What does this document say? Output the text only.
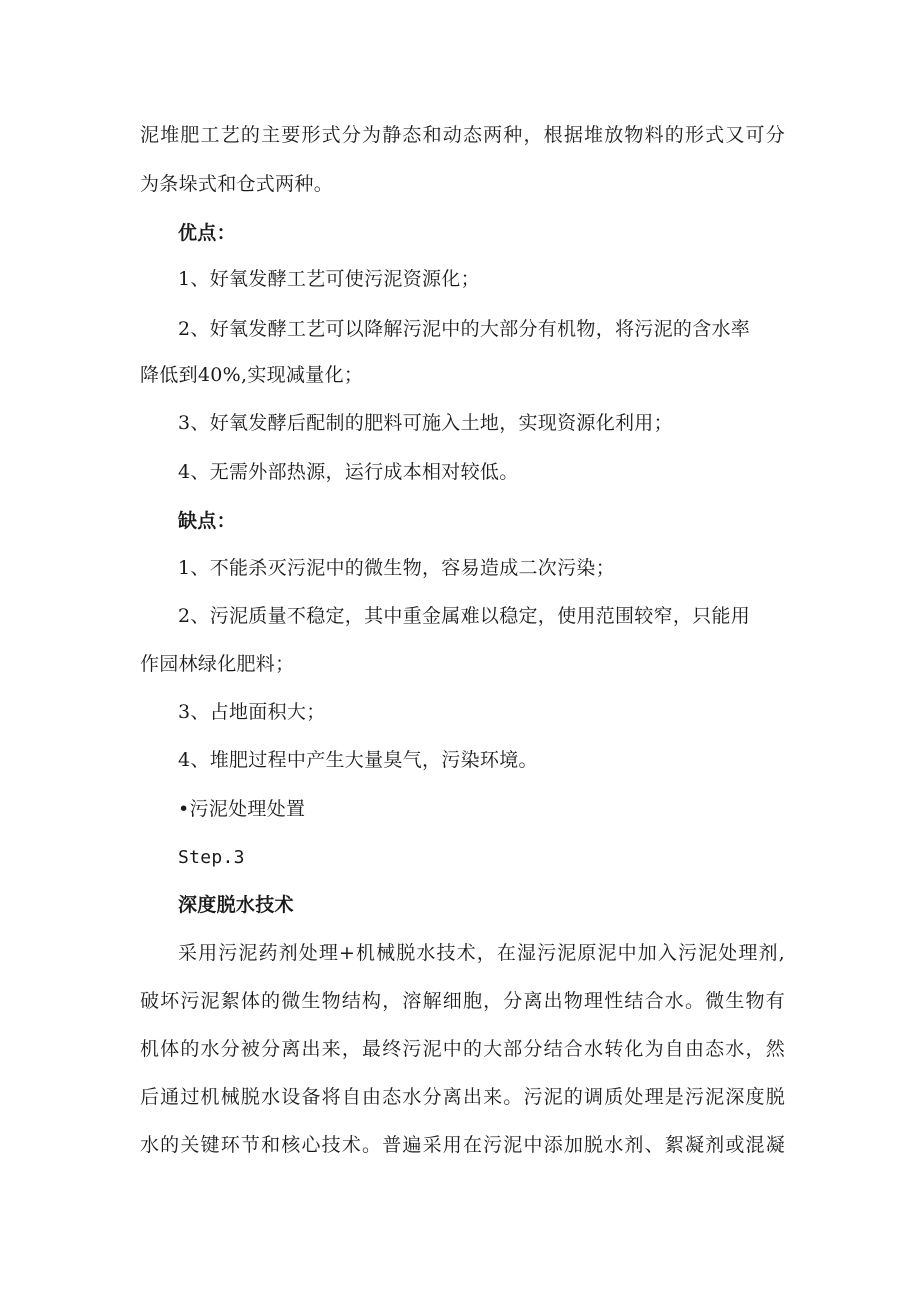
泥堆肥工艺的主要形式分为静态和动态两种，根据堆放物料的形式又可分

为条垛式和仓式两种。

优点：

1、好氧发酵工艺可使污泥资源化；

2、好氧发酵工艺可以降解污泥中的大部分有机物，将污泥的含水率

降低到40%,实现减量化；

3、好氧发酵后配制的肥料可施入土地，实现资源化利用；

4、无需外部热源，运行成本相对较低。

缺点：

1、不能杀灭污泥中的微生物，容易造成二次污染；

2、污泥质量不稳定，其中重金属难以稳定，使用范围较窄，只能用

作园林绿化肥料；

3、占地面积大；

4、堆肥过程中产生大量臭气，污染环境。

•污泥处理处置

Step.3

深度脱水技术

采用污泥药剂处理+机械脱水技术，在湿污泥原泥中加入污泥处理剂,

破坏污泥絮体的微生物结构，溶解细胞，分离出物理性结合水。微生物有

机体的水分被分离出来，最终污泥中的大部分结合水转化为自由态水，然

后通过机械脱水设备将自由态水分离出来。污泥的调质处理是污泥深度脱

水的关键环节和核心技术。普遍采用在污泥中添加脱水剂、絮凝剂或混凝
